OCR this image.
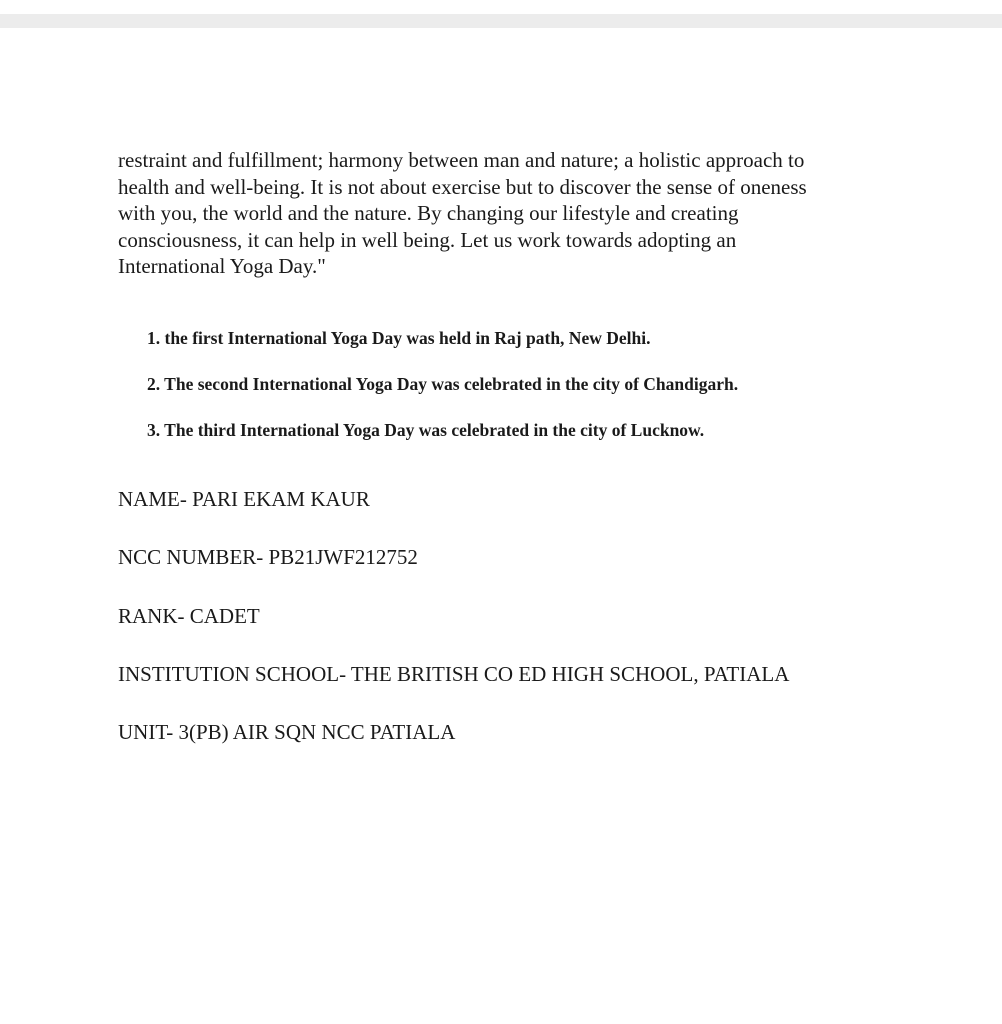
restraint and fulfillment; harmony between man and nature; a holistic approach to
health and well-being. It is not about exercise but to discover the sense of oneness
with you, the world and the nature. By changing our lifestyle and creating
consciousness, it can help in well being. Let us work towards adopting an
International Yoga Day."

1. the first International Yoga Day was held in Raj path, New Delhi.
2. The second International Yoga Day was celebrated in the city of Chandigarh.
3. The third International Yoga Day was celebrated in the city of Lucknow.
NAME- PARI EKAM KAUR
NCC NUMBER- PB21JWF212752
RANK- CADET
INSTITUTION SCHOOL- THE BRITISH CO ED HIGH SCHOOL, PATIALA
UNIT- 3(PB) AIR SQN NCC PATIALA
